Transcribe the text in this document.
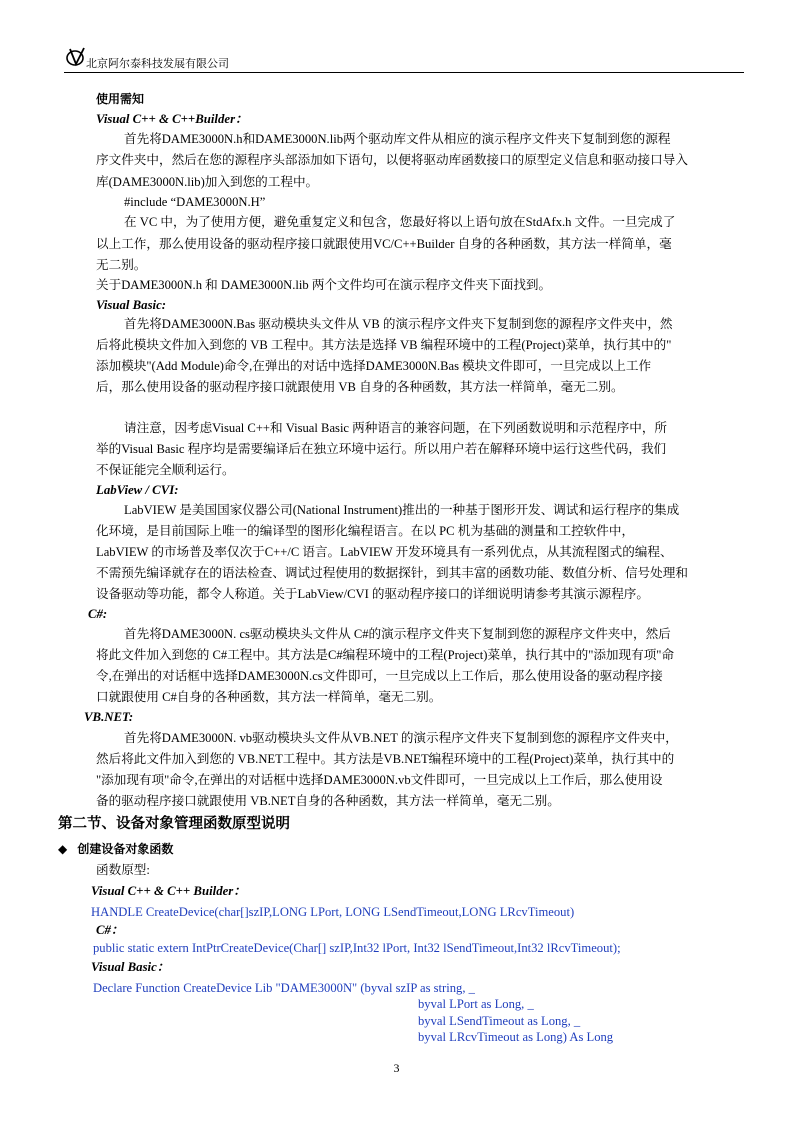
北京阿尔泰科技发展有限公司
使用需知
Visual C++ & C++Builder：
首先将DAME3000N.h和DAME3000N.lib两个驱动库文件从相应的演示程序文件夹下复制到您的源程
序文件夹中，然后在您的源程序头部添加如下语句，以便将驱动库函数接口的原型定义信息和驱动接口导入
库(DAME3000N.lib)加入到您的工程中。
#include “DAME3000N.H”
在 VC 中，为了使用方便，避免重复定义和包含，您最好将以上语句放在StdAfx.h 文件。一旦完成了
以上工作，那么使用设备的驱动程序接口就跟使用VC/C++Builder 自身的各种函数，其方法一样简单，毫
无二别。
关于DAME3000N.h 和 DAME3000N.lib 两个文件均可在演示程序文件夹下面找到。
Visual Basic:
首先将DAME3000N.Bas 驱动模块头文件从 VB 的演示程序文件夹下复制到您的源程序文件夹中，然
后将此模块文件加入到您的 VB 工程中。其方法是选择 VB 编程环境中的工程(Project)菜单，执行其中的"
添加模块"(Add Module)命令,在弹出的对话中选择DAME3000N.Bas 模块文件即可，一旦完成以上工作
后，那么使用设备的驱动程序接口就跟使用 VB 自身的各种函数，其方法一样简单，毫无二别。
请注意，因考虑Visual C++和 Visual Basic 两种语言的兼容问题，在下列函数说明和示范程序中，所
举的Visual Basic 程序均是需要编译后在独立环境中运行。所以用户若在解释环境中运行这些代码，我们
不保证能完全顺利运行。
LabView / CVI:
LabVIEW 是美国国家仪器公司(National Instrument)推出的一种基于图形开发、调试和运行程序的集成
化环境，是目前国际上唯一的编译型的图形化编程语言。在以 PC 机为基础的测量和工控软件中，
LabVIEW 的市场普及率仅次于C++/C 语言。LabVIEW 开发环境具有一系列优点，从其流程图式的编程、
不需预先编译就存在的语法检查、调试过程使用的数据探针，到其丰富的函数功能、数值分析、信号处理和
设备驱动等功能，都令人称道。关于LabView/CVI 的驱动程序接口的详细说明请参考其演示源程序。
C#:
首先将DAME3000N. cs驱动模块头文件从 C#的演示程序文件夹下复制到您的源程序文件夹中，然后
将此文件加入到您的 C#工程中。其方法是C#编程环境中的工程(Project)菜单，执行其中的"添加现有项"命
令,在弹出的对话框中选择DAME3000N.cs文件即可，一旦完成以上工作后，那么使用设备的驱动程序接
口就跟使用 C#自身的各种函数，其方法一样简单，毫无二别。
VB.NET:
首先将DAME3000N. vb驱动模块头文件从VB.NET 的演示程序文件夹下复制到您的源程序文件夹中，
然后将此文件加入到您的 VB.NET工程中。其方法是VB.NET编程环境中的工程(Project)菜单，执行其中的
"添加现有项"命令,在弹出的对话框中选择DAME3000N.vb文件即可，一旦完成以上工作后，那么使用设
备的驱动程序接口就跟使用 VB.NET自身的各种函数，其方法一样简单，毫无二别。
第二节、设备对象管理函数原型说明
◆ 创建设备对象函数
函数原型:
Visual C++ & C++ Builder：
HANDLE CreateDevice(char[]szIP,LONG LPort, LONG LSendTimeout,LONG LRcvTimeout)
C#：
public static extern IntPtrCreateDevice(Char[] szIP,Int32 lPort, Int32 lSendTimeout,Int32 lRcvTimeout);
Visual Basic：
Declare Function CreateDevice Lib "DAME3000N" (byval szIP as string, _
byval LPort as Long, _
byval LSendTimeout as Long, _
byval LRcvTimeout as Long) As Long
3
